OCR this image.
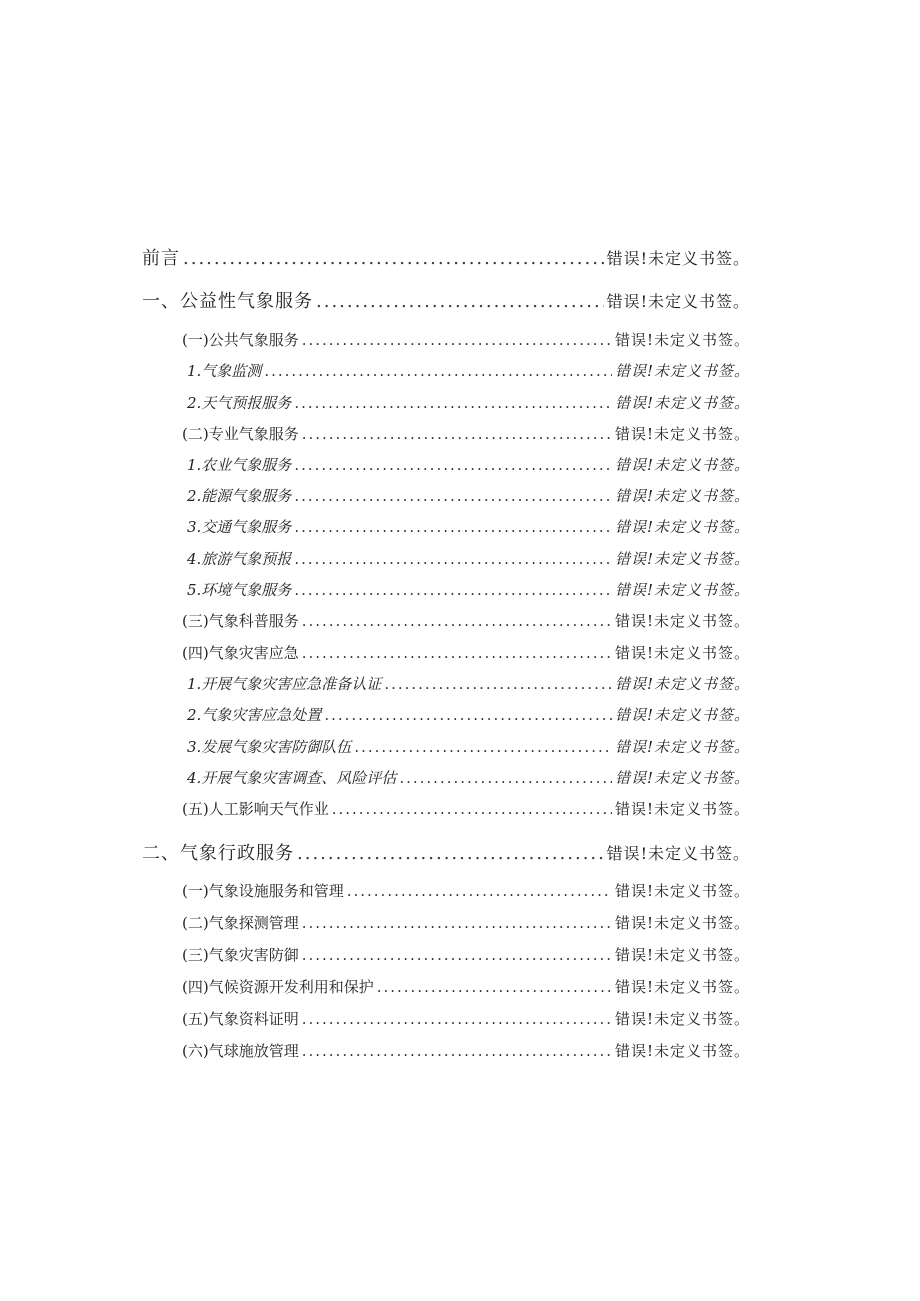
前言 .....	错误!未定义书签。
一、公益性气象服务 .....	错误!未定义书签。
(一)公共气象服务 .....	错误!未定义书签。
1.气象监测 .....	错误!未定义书签。
2.天气预报服务 .....	错误!未定义书签。
(二)专业气象服务 .....	错误!未定义书签。
1.农业气象服务 .....	错误!未定义书签。
2.能源气象服务 .....	错误!未定义书签。
3.交通气象服务 .....	错误!未定义书签。
4.旅游气象预报 .....	错误!未定义书签。
5.环境气象服务 .....	错误!未定义书签。
(三)气象科普服务 .....	错误!未定义书签。
(四)气象灾害应急 .....	错误!未定义书签。
1.开展气象灾害应急准备认证 .....	错误!未定义书签。
2.气象灾害应急处置 .....	错误!未定义书签。
3.发展气象灾害防御队伍 .....	错误!未定义书签。
4.开展气象灾害调查、风险评估 .....	错误!未定义书签。
(五)人工影响天气作业 .....	错误!未定义书签。
二、气象行政服务 .....	错误!未定义书签。
(一)气象设施服务和管理 .....	错误!未定义书签。
(二)气象探测管理 .....	错误!未定义书签。
(三)气象灾害防御 .....	错误!未定义书签。
(四)气候资源开发利用和保护 .....	错误!未定义书签。
(五)气象资料证明 .....	错误!未定义书签。
(六)气球施放管理 .....	错误!未定义书签。
